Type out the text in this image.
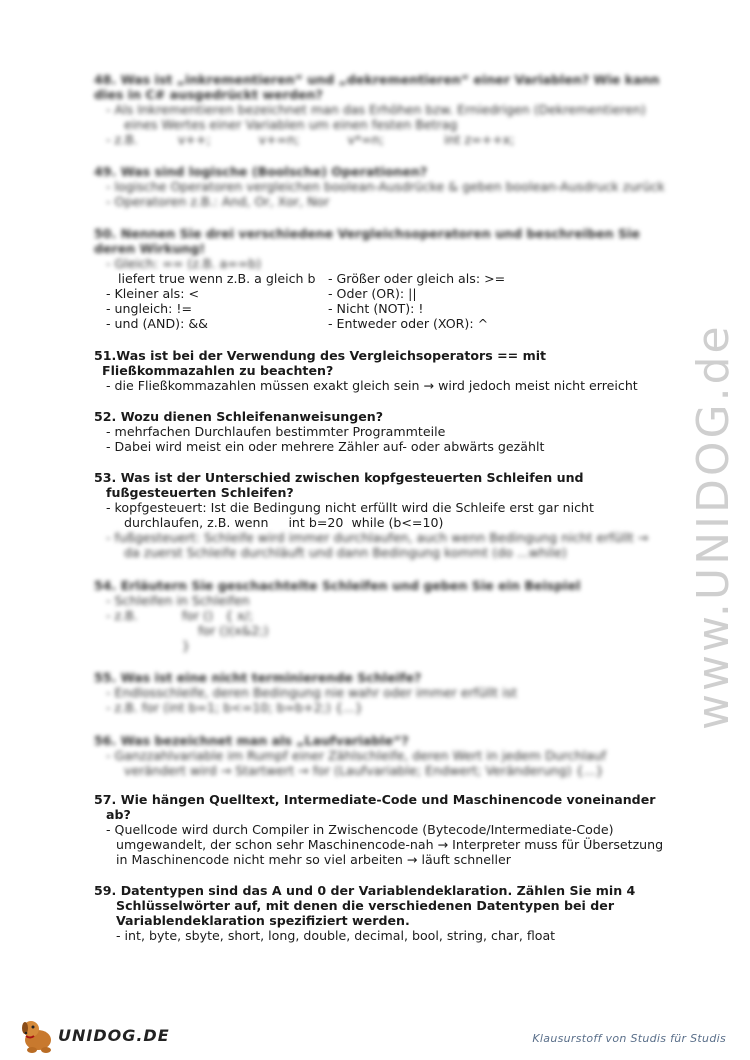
48. Was ist „inkrementieren“ und „dekrementieren“ einer Variablen? Wie kann dies in C# ausgedrückt werden?

- Als Inkrementieren bezeichnet man das Erhöhen bzw. Erniedrigen (Dekrementieren)

eines Wertes einer Variablen um einen festen Betrag

- z.B.          v++;            v+=n;            v*=n;               int z=++x;

49. Was sind logische (Boolsche) Operationen?

- logische Operatoren vergleichen boolean-Ausdrücke & geben boolean-Ausdruck zurück

- Operatoren z.B.: And, Or, Xor, Nor

50. Nennen Sie drei verschiedene Vergleichsoperatoren und beschreiben Sie deren Wirkung!

- Gleich: == (z.B. a==b)

liefert true wenn z.B. a gleich b - Größer oder gleich als: >=
- Kleiner als: <	- Oder (OR): ||
- ungleich: !=	- Nicht (NOT): !
- und (AND): &&	- Entweder oder (XOR): ^

51.Was ist bei der Verwendung des Vergleichsoperators == mit

Fließkommazahlen zu beachten?

- die Fließkommazahlen müssen exakt gleich sein → wird jedoch meist nicht erreicht

52. Wozu dienen Schleifenanweisungen?

- mehrfachen Durchlaufen bestimmter Programmteile

- Dabei wird meist ein oder mehrere Zähler auf- oder abwärts gezählt

53. Was ist der Unterschied zwischen kopfgesteuerten Schleifen und

fußgesteuerten Schleifen?

- kopfgesteuert: Ist die Bedingung nicht erfüllt wird die Schleife erst gar nicht

durchlaufen, z.B. wenn     int b=20  while (b<=10)

- fußgesteuert: Schleife wird immer durchlaufen, auch wenn Bedingung nicht erfüllt →

da zuerst Schleife durchläuft und dann Bedingung kommt (do ...while)

54. Erläutern Sie geschachtelte Schleifen und geben Sie ein Beispiel

- Schleifen in Schleifen

- z.B.           for ()   { x/;

for ()(x&2;)

}

55. Was ist eine nicht terminierende Schleife?

- Endlosschleife, deren Bedingung nie wahr oder immer erfüllt ist

- z.B. for (int b=1; b<=10; b=b+2;) {...}

56. Was bezeichnet man als „Laufvariable“?

- Ganzzahlvariable im Rumpf einer Zählschleife, deren Wert in jedem Durchlauf

verändert wird → Startwert → for (Laufvariable; Endwert; Veränderung) {...}

57. Wie hängen Quelltext, Intermediate-Code und Maschinencode voneinander

ab?

- Quellcode wird durch Compiler in Zwischencode (Bytecode/Intermediate-Code)

umgewandelt, der schon sehr Maschinencode-nah → Interpreter muss für Übersetzung

in Maschinencode nicht mehr so viel arbeiten → läuft schneller

59. Datentypen sind das A und 0 der Variablendeklaration. Zählen Sie min 4

Schlüsselwörter auf, mit denen die verschiedenen Datentypen bei der

Variablendeklaration spezifiziert werden.

- int, byte, sbyte, short, long, double, decimal, bool, string, char, float

www.UNIDOG.de
UNIDOG.DE	Klausurstoff von Studis für Studis
